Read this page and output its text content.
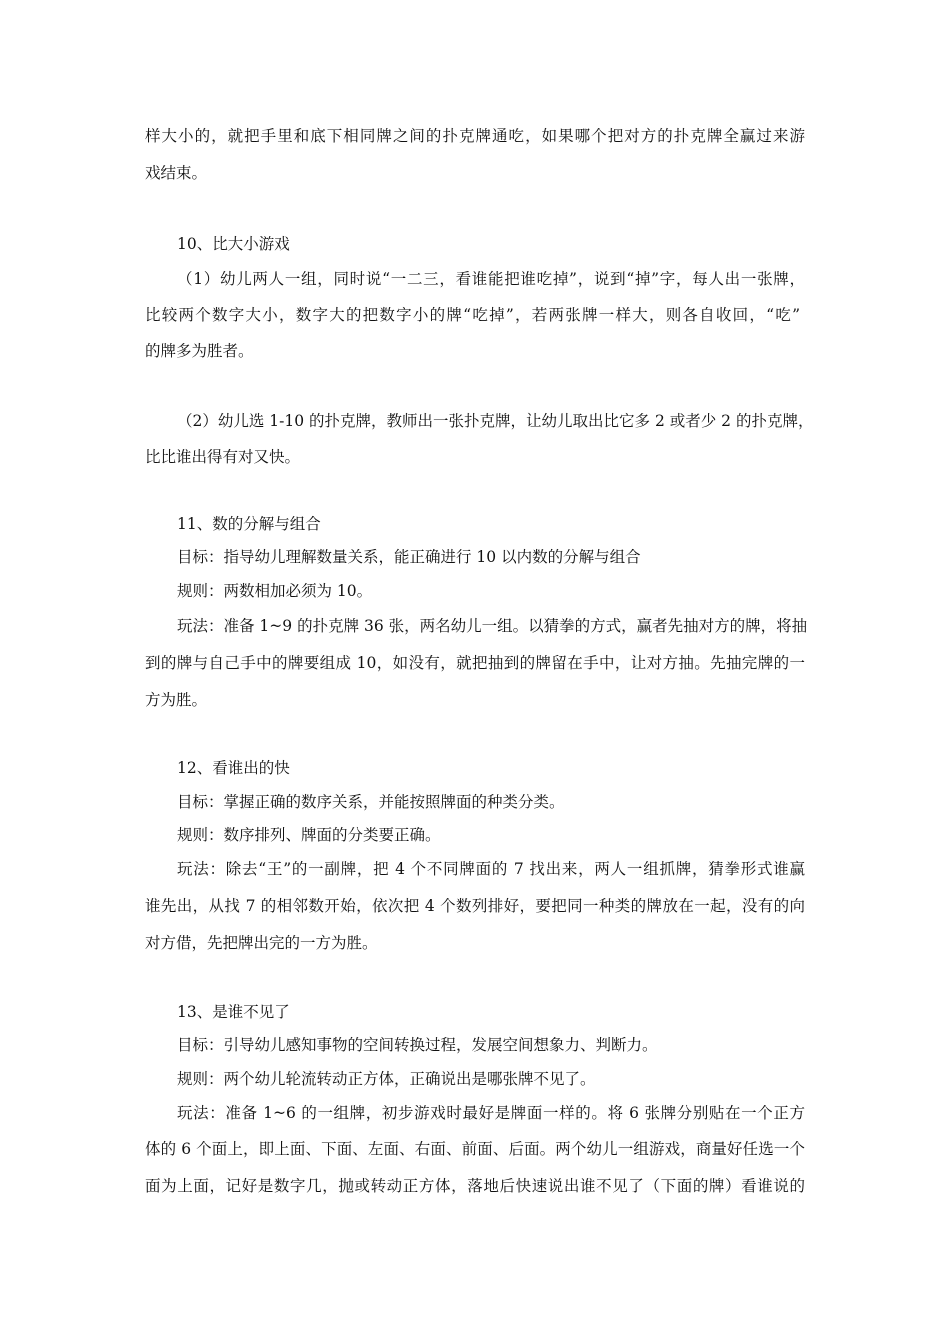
样大小的，就把手里和底下相同牌之间的扑克牌通吃，如果哪个把对方的扑克牌全赢过来游
戏结束。
10、比大小游戏
（1）幼儿两人一组，同时说“一二三，看谁能把谁吃掉”，说到“掉”字，每人出一张牌，
比较两个数字大小，数字大的把数字小的牌“吃掉”，若两张牌一样大，则各自收回，“吃”
的牌多为胜者。
（2）幼儿选 1-10 的扑克牌，教师出一张扑克牌，让幼儿取出比它多 2 或者少 2 的扑克牌，
比比谁出得有对又快。
11、数的分解与组合
目标：指导幼儿理解数量关系，能正确进行 10 以内数的分解与组合
规则：两数相加必须为 10。
玩法：准备 1~9 的扑克牌 36 张，两名幼儿一组。以猜拳的方式，赢者先抽对方的牌，将抽
到的牌与自己手中的牌要组成 10，如没有，就把抽到的牌留在手中，让对方抽。先抽完牌的一
方为胜。
12、看谁出的快
目标：掌握正确的数序关系，并能按照牌面的种类分类。
规则：数序排列、牌面的分类要正确。
玩法：除去“王”的一副牌，把 4 个不同牌面的 7 找出来，两人一组抓牌，猜拳形式谁赢
谁先出，从找 7 的相邻数开始，依次把 4 个数列排好，要把同一种类的牌放在一起，没有的向
对方借，先把牌出完的一方为胜。
13、是谁不见了
目标：引导幼儿感知事物的空间转换过程，发展空间想象力、判断力。
规则：两个幼儿轮流转动正方体，正确说出是哪张牌不见了。
玩法：准备 1~6 的一组牌，初步游戏时最好是牌面一样的。将 6 张牌分别贴在一个正方
体的 6 个面上，即上面、下面、左面、右面、前面、后面。两个幼儿一组游戏，商量好任选一个
面为上面，记好是数字几，抛或转动正方体，落地后快速说出谁不见了（下面的牌）看谁说的
